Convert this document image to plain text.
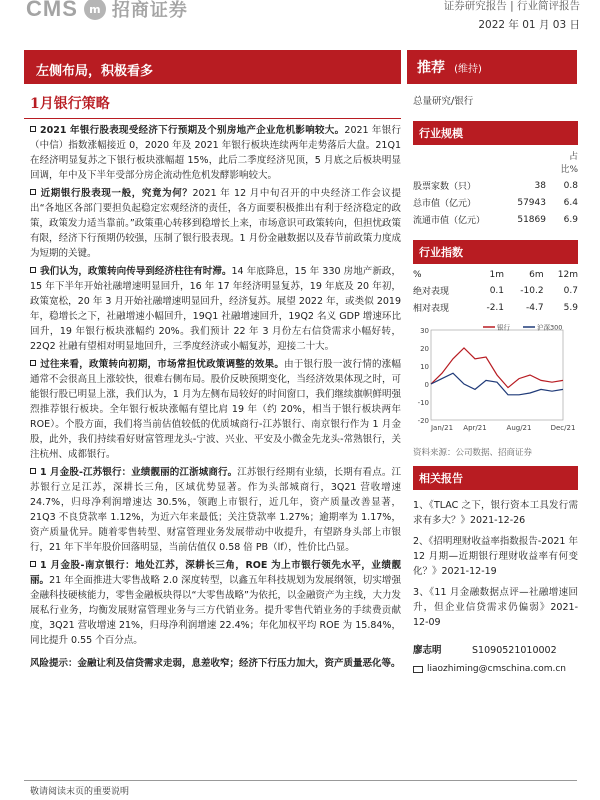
CMS	m 招商证券	证券研究报告 | 行业简评报告
2022 年 01 月 03 日
左侧布局，积极看多	推荐 (维持)
1月银行策略
2021 年银行股表现受经济下行预期及个别房地产企业危机影响较大。2021 年银行（中信）指数涨幅接近 0，2020 年及 2021 年银行板块连续两年走势落后大盘。21Q1 在经济明显复苏之下银行板块涨幅超 15%，此后二季度经济见顶，5 月底之后板块明显回调，年中及下半年受部分房企流动性危机发酵影响较大。
近期银行股表现一般，究竟为何？2021 年 12 月中旬召开的中央经济工作会议提出“各地区各部门要担负起稳定宏观经济的责任，各方面要积极推出有利于经济稳定的政策，政策发力适当靠前。”政策重心转移到稳增长上来，市场意识可政策转向，但担忧政策有限，经济下行预期仍较强，压制了银行股表现。1 月份金融数据以及春节前政策力度成为短期的关键。
我们认为，政策转向传导到经济柱往有时滞。14 年底降息，15 年 330 房地产新政，15 年下半年开始社融增速明显回升，16 年 17 年经济明显复苏，19 年底及 20 年初，政策宽松，20 年 3 月开始社融增速明显回升，经济复苏。展望 2022 年，或类似 2019 年，稳增长之下，社融增速小幅回升，19Q1 社融增速回升，19Q2 名义 GDP 增速环比回升，19 年银行板块涨幅约 20%。我们预计 22 年 3 月份左右信贷需求小幅好转，22Q2 社融有望相对明显地回升，三季度经济或小幅复苏，迎接二十大。
过往来看，政策转向初期，市场常担忧政策调整的效果。由于银行股一波行情的涨幅通常不会很高且上涨较快，很难右侧布局。股价反映预期变化，当经济效果体现之时，可能银行股已明显上涨，我们认为，1 月为左侧布局较好的时间窗口，我们继续旗帜鲜明强烈推荐银行板块。全年银行板块涨幅有望比肩 19 年（约 20%，相当于银行板块两年 ROE）。个股方面，我们将当前估值较低的优质城商行-江苏银行、南京银行作为 1 月金股，此外，我们持续看好财富管理龙头-宁波、兴业、平安及小微金先龙头-常熟银行，关注杭州、成都银行。
1 月金股-江苏银行：业绩靓丽的江浙城商行。江苏银行经期有业绩，长期有看点。江苏银行立足江苏，深耕长三角，区域优势显著。作为头部城商行，3Q21 营收增速 24.7%，归母净利润增速达 30.5%，领跑上市银行，近几年，资产质量改善显著，21Q3 不良贷款率 1.12%，为近六年来最低；关注贷款率 1.27%；逾期率为 1.17%，资产质量优异。随着零售转型、财富管理业务发展带动中收提升，有望跻身头部上市银行，21 年下半年股价回落明显，当前估值仅 0.58 倍 PB（lf），性价比凸显。
1 月金股-南京银行：地处江苏，深耕长三角，ROE 为上市银行领先水平，业绩靓丽。21 年全面推进大零售战略 2.0 深度转型，以鑫五年科技规划为发展纲领，切实增强金融科技硬核能力，零售金融板块得以“大零售战略”为依托，以金融资产为主线，大力发展私行业务，均衡发展财富管理业务与三方代销业务。提升零售代销业务的手续费贡献度，3Q21 营收增速 21%，归母净利润增速 22.4%；年化加权平均 ROE 为 15.84%，同比提升 0.55 个百分点。
风险提示：金融让利及信贷需求走弱，息差收窄；经济下行压力加大，资产质量恶化等。
总量研究/银行
行业规模
		占比%
股票家数（只）	38	0.8
总市值（亿元）	57943	6.4
流通市值（亿元）	51869	6.9
行业指数
%	1m	6m	12m
绝对表现	0.1	-10.2	0.7
相对表现	-2.1	-4.7	5.9
30
20
10
0
-10
-20
Jan/21 Apr/21	Aug/21	Dec/21
银行	沪深300
资料来源：公司数据、招商证券
相关报告
1、《TLAC 之下，银行资本工具发行需求有多大？》2021-12-26
2、《招明理财收益率指数报告-2021 年 12 月期—近期银行理财收益率有何变化？》2021-12-19
3、《11 月金融数据点评—社融增速回升，但企业信贷需求仍偏弱》2021-12-09
廖志明	S1090521010002
liaozhiming@cmschina.com.cn
敬请阅读末页的重要说明
